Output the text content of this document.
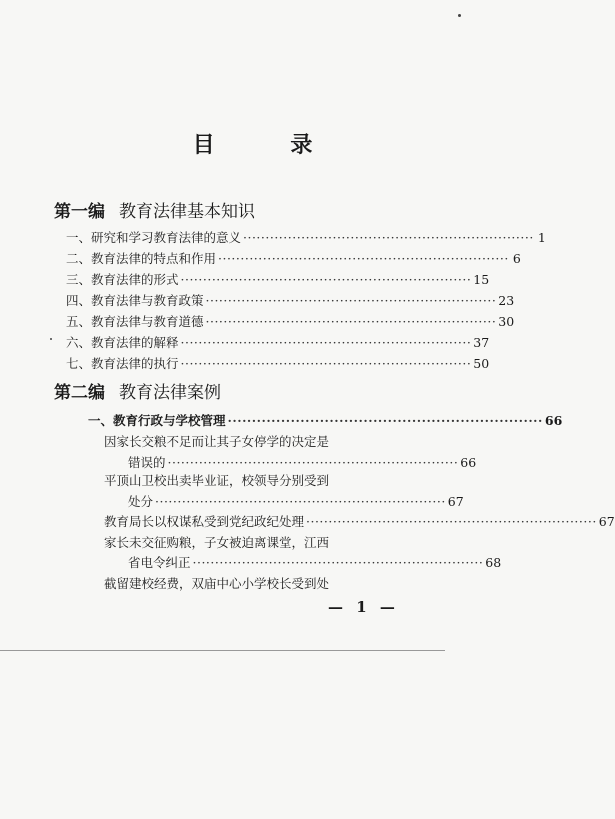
目 录
第一编 教育法律基本知识
一、研究和学习教育法律的意义 ································································· 1
二、教育法律的特点和作用 ································································· 6
三、教育法律的形式 ································································· 15
四、教育法律与教育政策 ································································· 23
五、教育法律与教育道德 ································································· 30
六、教育法律的解释 ································································· 37
七、教育法律的执行 ································································· 50
第二编 教育法律案例
一、教育行政与学校管理 ································································· 66
因家长交粮不足而让其子女停学的决定是
错误的 ································································· 66
平顶山卫校出卖毕业证，校领导分别受到
处分 ································································· 67
教育局长以权谋私受到党纪政纪处理 ································································· 67
家长未交征购粮，子女被迫离课堂，江西
省电令纠正 ································································· 68
截留建校经费，双庙中心小学校长受到处
— 1 —
